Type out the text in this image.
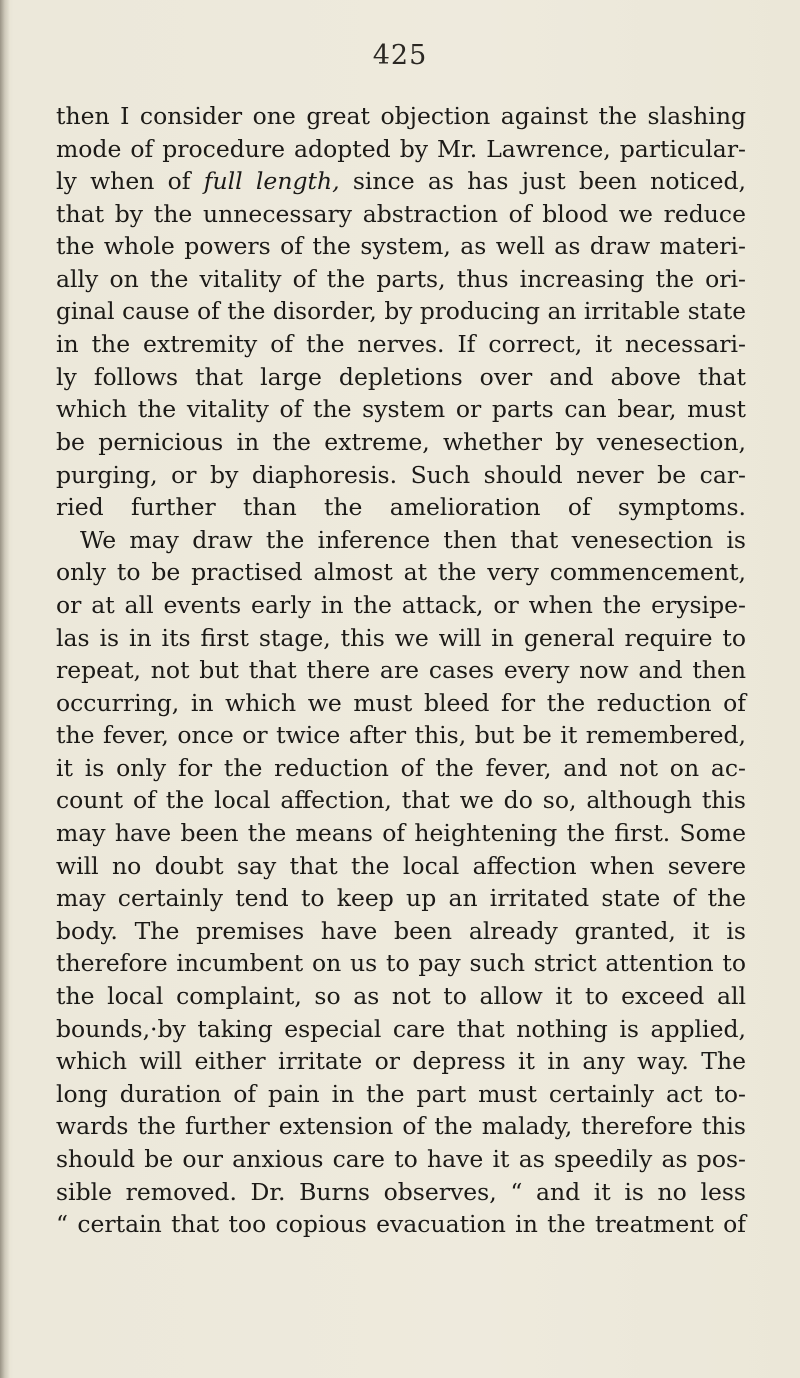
425
then I consider one great objection against the slashing
mode of procedure adopted by Mr. Lawrence, particular-
ly when of full length, since as has just been noticed,
that by the unnecessary abstraction of blood we reduce
the whole powers of the system, as well as draw materi-
ally on the vitality of the parts, thus increasing the ori-
ginal cause of the disorder, by producing an irritable state
in the extremity of the nerves. If correct, it necessari-
ly follows that large depletions over and above that
which the vitality of the system or parts can bear, must
be pernicious in the extreme, whether by venesection,
purging, or by diaphoresis. Such should never be car-
ried further than the amelioration of symptoms.
We may draw the inference then that venesection is
only to be practised almost at the very commencement,
or at all events early in the attack, or when the erysipe-
las is in its first stage, this we will in general require to
repeat, not but that there are cases every now and then
occurring, in which we must bleed for the reduction of
the fever, once or twice after this, but be it remembered,
it is only for the reduction of the fever, and not on ac-
count of the local affection, that we do so, although this
may have been the means of heightening the first. Some
will no doubt say that the local affection when severe
may certainly tend to keep up an irritated state of the
body. The premises have been already granted, it is
therefore incumbent on us to pay such strict attention to
the local complaint, so as not to allow it to exceed all
bounds,·by taking especial care that nothing is applied,
which will either irritate or depress it in any way. The
long duration of pain in the part must certainly act to-
wards the further extension of the malady, therefore this
should be our anxious care to have it as speedily as pos-
sible removed. Dr. Burns observes, “ and it is no less
“ certain that too copious evacuation in the treatment of
